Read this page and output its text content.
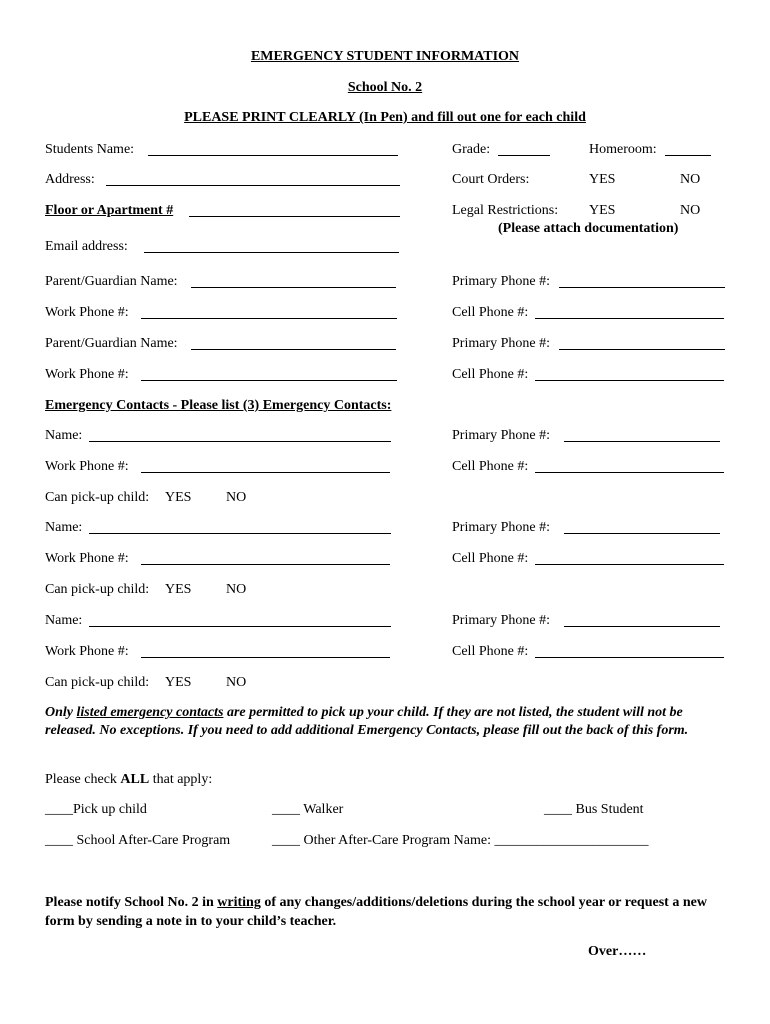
EMERGENCY STUDENT INFORMATION
School No. 2
PLEASE PRINT CLEARLY (In Pen) and fill out one for each child
Students Name:	Grade:	Homeroom:
Address:	Court Orders:	YES	NO
Floor or Apartment #	Legal Restrictions: YES	NO
(Please attach documentation)
Email address:
Parent/Guardian Name:	Primary Phone #:
Work Phone #:	Cell Phone #:
Parent/Guardian Name:	Primary Phone #:
Work Phone #:	Cell Phone #:
Emergency Contacts - Please list (3) Emergency Contacts:
Name:	Primary Phone #:
Work Phone #:	Cell Phone #:
Can pick-up child: YES NO
Name:	Primary Phone #:
Work Phone #:	Cell Phone #:
Can pick-up child: YES NO
Name:	Primary Phone #:
Work Phone #:	Cell Phone #:
Can pick-up child: YES NO
Only listed emergency contacts are permitted to pick up your child. If they are not listed, the student will not be released. No exceptions. If you need to add additional Emergency Contacts, please fill out the back of this form.
Please check ALL that apply:
____Pick up child	____ Walker	____ Bus Student
____ School After-Care Program	____ Other After-Care Program Name: ______________________
Please notify School No. 2 in writing of any changes/additions/deletions during the school year or request a new form by sending a note in to your child’s teacher.
Over……
